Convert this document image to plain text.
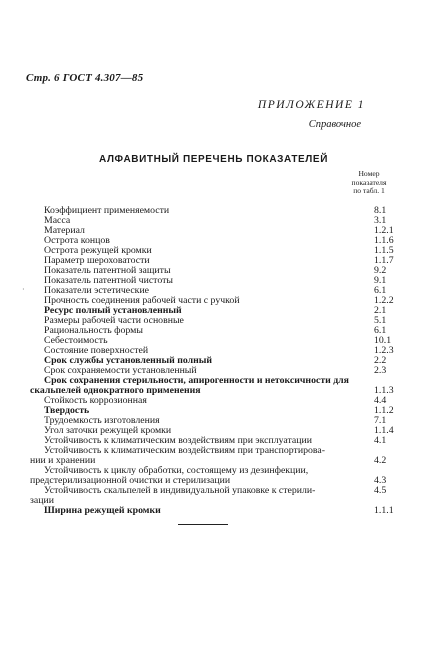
Стр. 6 ГОСТ 4.307—85
ПРИЛОЖЕНИЕ 1
Справочное
АЛФАВИТНЫЙ ПЕРЕЧЕНЬ ПОКАЗАТЕЛЕЙ
Номер
показателя
по табл. 1
·
Коэффициент применяемости	8.1
Масса	3.1
Материал	1.2.1
Острота концов	1.1.6
Острота режущей кромки	1.1.5
Параметр шероховатости	1.1.7
Показатель патентной защиты	9.2
Показатель патентной чистоты	9.1
Показатели эстетические	6.1
Прочность соединения рабочей части с ручкой	1.2.2
Ресурс полный установленный	2.1
Размеры рабочей части основные	5.1
Рациональность формы	6.1
Себестоимость	10.1
Состояние поверхностей	1.2.3
Срок службы установленный полный	2.2
Срок сохраняемости установленный	2.3
Срок сохранения стерильности, апирогенности и нетоксичности для
скальпелей однократного применения	1.1.3
Стойкость коррозионная	4.4
Твердость	1.1.2
Трудоемкость изготовления	7.1
Угол заточки режущей кромки	1.1.4
Устойчивость к климатическим воздействиям при эксплуатации	4.1
Устойчивость к климатическим воздействиям при транспортирова-
нии и хранении	4.2
Устойчивость к циклу обработки, состоящему из дезинфекции,
предстерилизационной очистки и стерилизации	4.3
Устойчивость скальпелей в индивидуальной упаковке к стерили-	4.5
зации
Ширина режущей кромки	1.1.1
